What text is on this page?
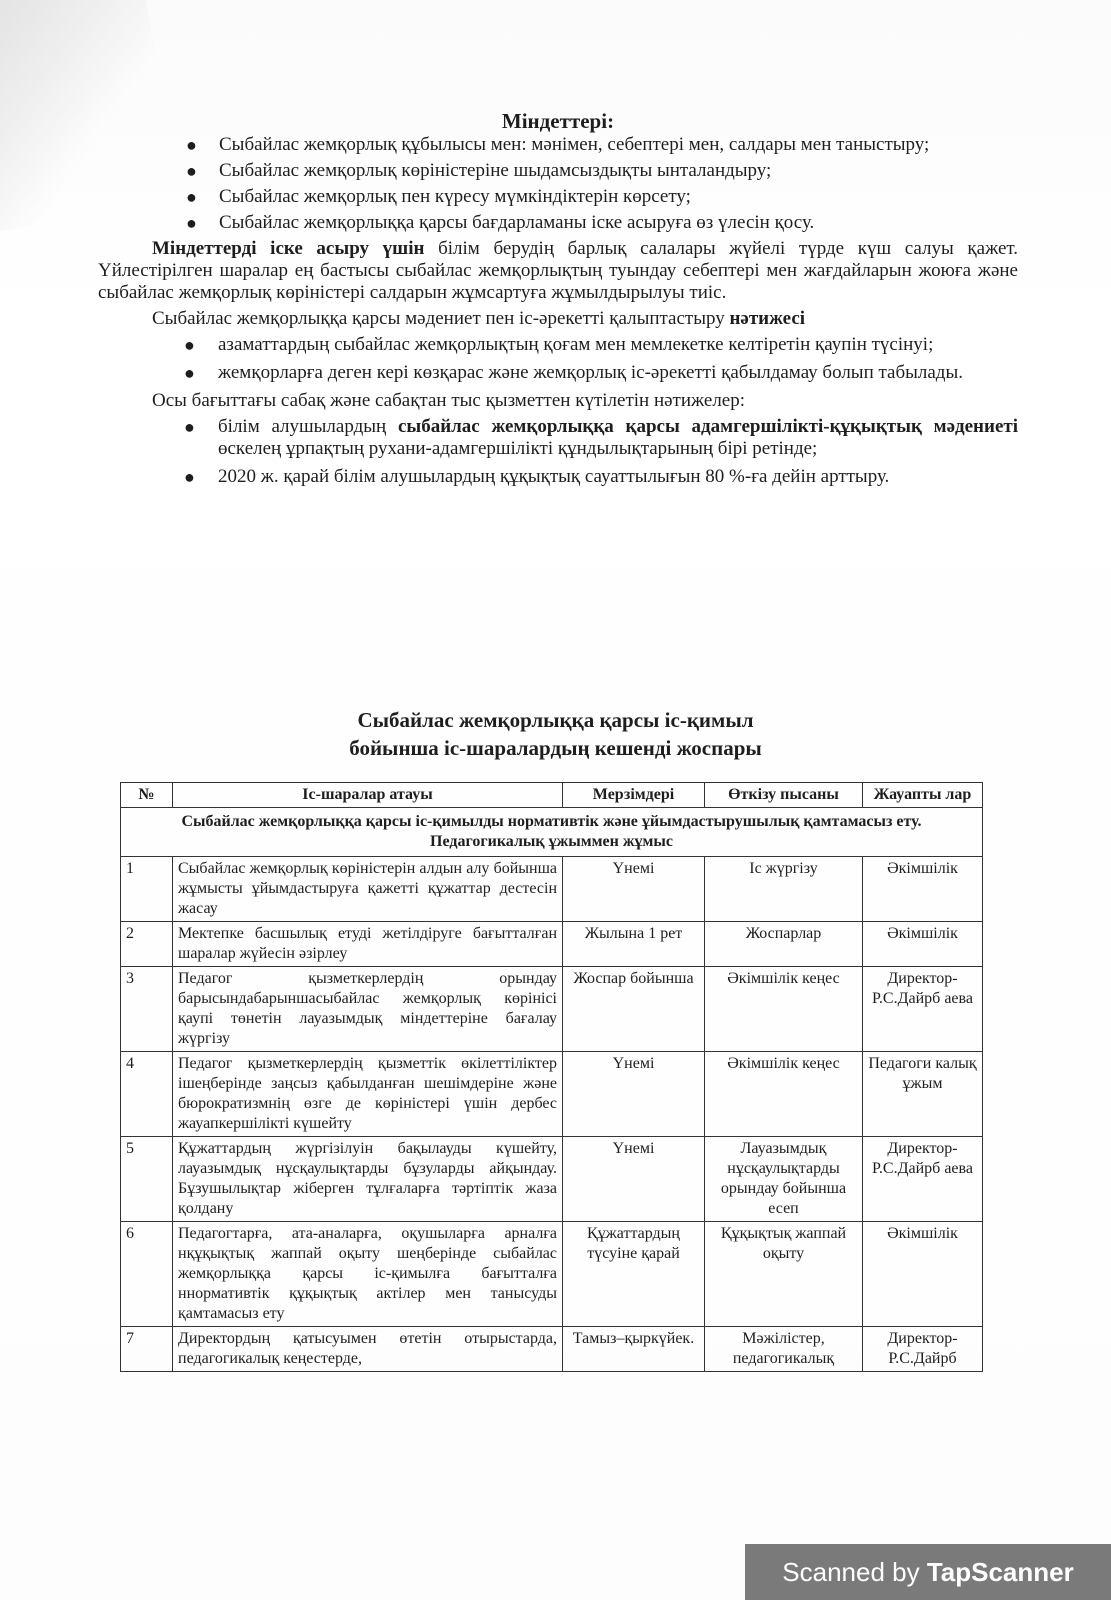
Міндеттері:
● Сыбайлас жемқорлық құбылысы мен: мәнімен, себептері мен, салдары мен таныстыру;
● Сыбайлас жемқорлық көріністеріне шыдамсыздықты ынталандыру;
● Сыбайлас жемқорлық пен күресу мүмкіндіктерін көрсету;
● Сыбайлас жемқорлыққа қарсы бағдарламаны іске асыруға өз үлесін қосу.

Міндеттерді іске асыру үшін білім берудің барлық салалары жүйелі түрде күш салуы қажет. Үйлестірілген шаралар ең бастысы сыбайлас жемқорлықтың туындау себептері мен жағдайларын жоюға және сыбайлас жемқорлық көріністері салдарын жұмсартуға жұмылдырылуы тиіс.

Сыбайлас жемқорлыққа қарсы мәдениет пен іс-әрекетті қалыптастыру нәтижесі

● азаматтардың сыбайлас жемқорлықтың қоғам мен мемлекетке келтіретін қаупін түсінуі;
● жемқорларға деген кері көзқарас және жемқорлық іс-әрекетті қабылдамау болып табылады.

Осы бағыттағы сабақ және сабақтан тыс қызметтен күтілетін нәтижелер:

● білім алушылардың сыбайлас жемқорлыққа қарсы адамгершілікті-құқықтық мәдениеті өскелең ұрпақтың рухани-адамгершілікті құндылықтарының бірі ретінде;
● 2020 ж. қарай білім алушылардың құқықтық сауаттылығын 80 %-ға дейін арттыру.
Сыбайлас жемқорлыққа қарсы іс-қимыл
бойынша іс-шаралардың кешенді жоспары
№	Іс-шаралар атауы	Мерзімдері	Өткізу пысаны	Жауапты лар
Сыбайлас жемқорлыққа қарсы іс-қимылды нормативтік және ұйымдастырушылық қамтамасыз ету. Педагогикалық ұжыммен жұмыс				
1	Сыбайлас жемқорлық көріністерін алдын алу бойынша жұмысты ұйымдастыруға қажетті құжаттар дестесін жасау	Үнемі	Іс жүргізу	Әкімшілік
2	Мектепке басшылық етуді жетілдіруге бағытталған шаралар жүйесін әзірлеу	Жылына 1 рет	Жоспарлар	Әкімшілік
3	Педагог қызметкерлердің орындау барысындабарыншасыбайлас жемқорлық көрінісі қаупі төнетін лауазымдық міндеттеріне бағалау жүргізу	Жоспар бойынша	Әкімшілік кеңес	Директор-Р.С.Дайрб аева
4	Педагог қызметкерлердің қызметтік өкілеттіліктер ішеңберінде заңсыз қабылданған шешімдеріне және бюрократизмнің өзге де көріністері үшін дербес жауапкершілікті күшейту	Үнемі	Әкімшілік кеңес	Педагоги калық ұжым
5	Құжаттардың жүргізілуін бақылауды күшейту, лауазымдық нұсқаулықтарды бұзуларды айқындау. Бұзушылықтар жіберген тұлғаларға тәртіптік жаза қолдану	Үнемі	Лауазымдық нұсқаулықтарды орындау бойынша есеп	Директор-Р.С.Дайрб аева
6	Педагогтарға, ата-аналарға, оқушыларға арналға нқұқықтық жаппай оқыту шеңберінде сыбайлас жемқорлыққа қарсы іс-қимылға бағытталға ннормативтік құқықтық актілер мен танысуды қамтамасыз ету	Құжаттардың түсуіне қарай	Құқықтық жаппай оқыту	Әкімшілік
7	Директордың қатысуымен өтетін отырыстарда, педагогикалық кеңестерде,	Тамыз–қыркүйек.	Мәжілістер, педагогикалық	Директор-Р.С.Дайрб
Scanned by TapScanner
